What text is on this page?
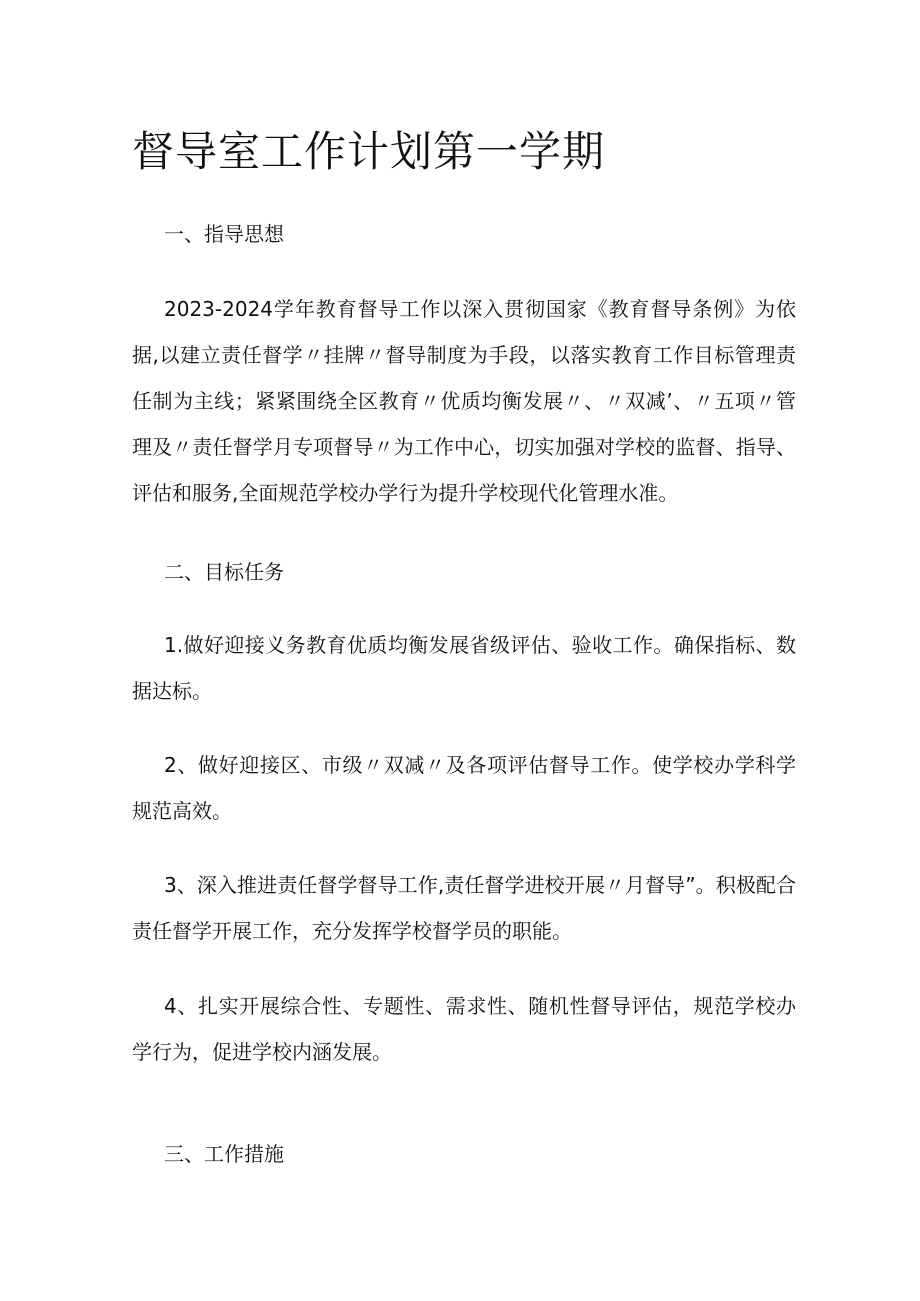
督导室工作计划第一学期
一、指导思想
2023-2024学年教育督导工作以深入贯彻国家《教育督导条例》为依据,以建立责任督学〃挂牌〃督导制度为手段，以落实教育工作目标管理责任制为主线；紧紧围绕全区教育〃优质均衡发展〃、〃双减’、〃五项〃管理及〃责任督学月专项督导〃为工作中心，切实加强对学校的监督、指导、评估和服务,全面规范学校办学行为提升学校现代化管理水准。
二、目标任务
1.做好迎接义务教育优质均衡发展省级评估、验收工作。确保指标、数据达标。
2、做好迎接区、市级〃双减〃及各项评估督导工作。使学校办学科学规范高效。
3、深入推进责任督学督导工作,责任督学进校开展〃月督导”。积极配合责任督学开展工作，充分发挥学校督学员的职能。
4、扎实开展综合性、专题性、需求性、随机性督导评估，规范学校办学行为，促进学校内涵发展。
三、工作措施
